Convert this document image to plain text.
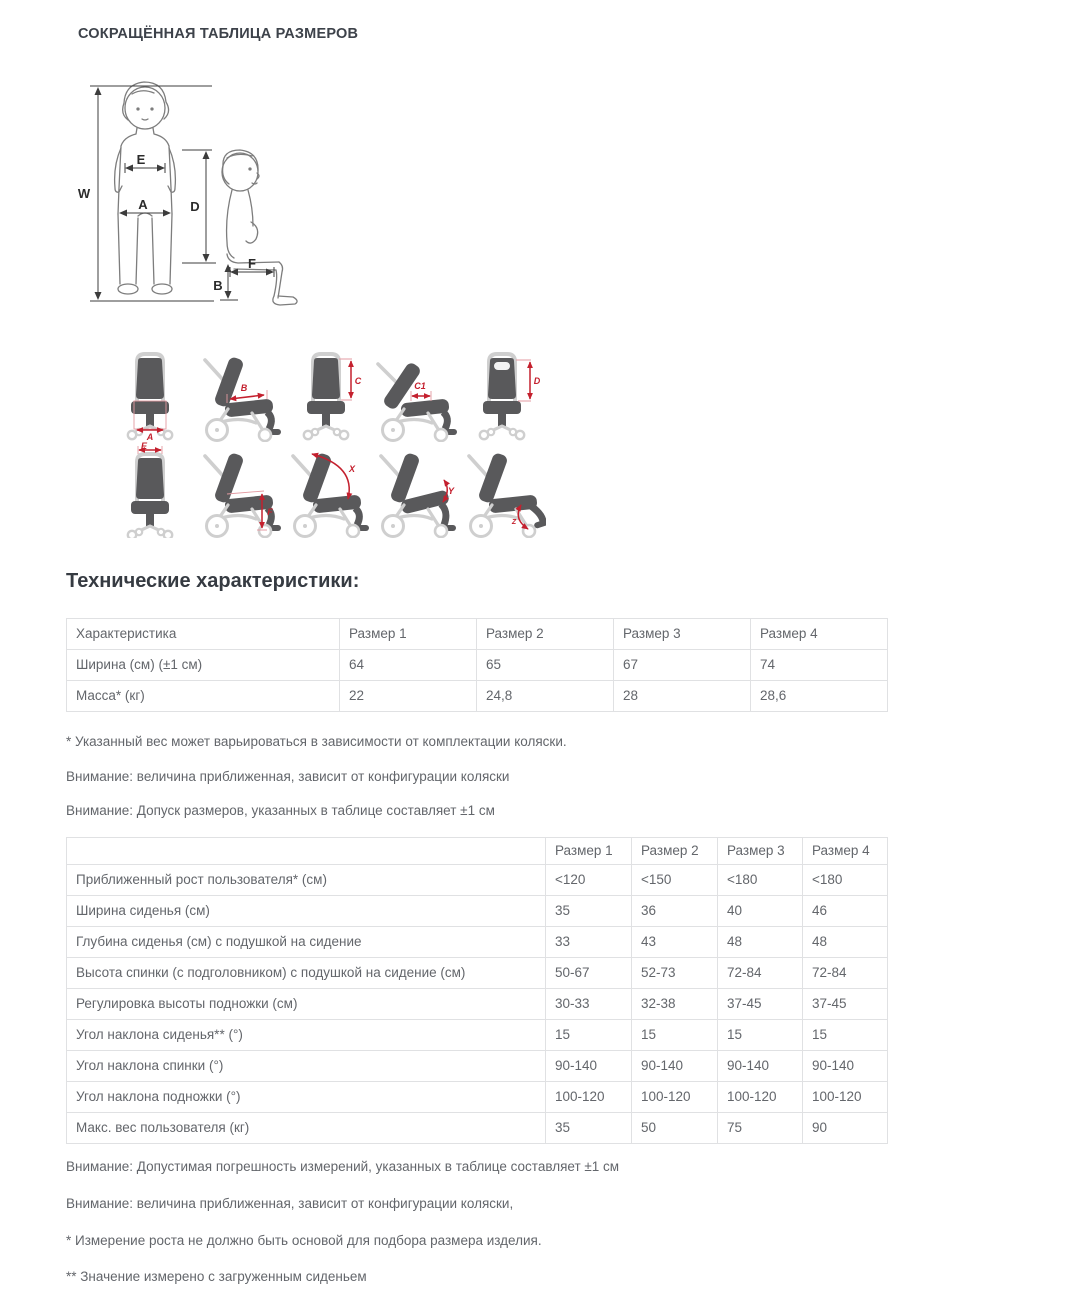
СОКРАЩЁННАЯ ТАБЛИЦА РАЗМЕРОВ
W
E
A	D
F
B
A
B
C	C1	D
E
F
X
Y
Z
Технические характеристики:
Характеристика	Размер 1	Размер 2	Размер 3	Размер 4
Ширина (см) (±1 см)	64	65	67	74
Масса* (кг)	22	24,8	28	28,6
* Указанный вес может варьироваться в зависимости от комплектации коляски.
Внимание: величина приближенная, зависит от конфигурации коляски
Внимание: Допуск размеров, указанных в таблице составляет ±1 см
	Размер 1	Размер 2	Размер 3	Размер 4
Приближенный рост пользователя* (см)	<120	<150	<180	<180
Ширина сиденья (см)	35	36	40	46
Глубина сиденья (см) с подушкой на сидение	33	43	48	48
Высота спинки (с подголовником) с подушкой на сидение (см)	50-67	52-73	72-84	72-84
Регулировка высоты подножки (см)	30-33	32-38	37-45	37-45
Угол наклона сиденья** (°)	15	15	15	15
Угол наклона спинки (°)	90-140	90-140	90-140	90-140
Угол наклона подножки (°)	100-120	100-120	100-120	100-120
Макс. вес пользователя (кг)	35	50	75	90
Внимание: Допустимая погрешность измерений, указанных в таблице составляет ±1 см
Внимание: величина приближенная, зависит от конфигурации коляски,
* Измерение роста не должно быть основой для подбора размера изделия.
** Значение измерено с загруженным сиденьем
